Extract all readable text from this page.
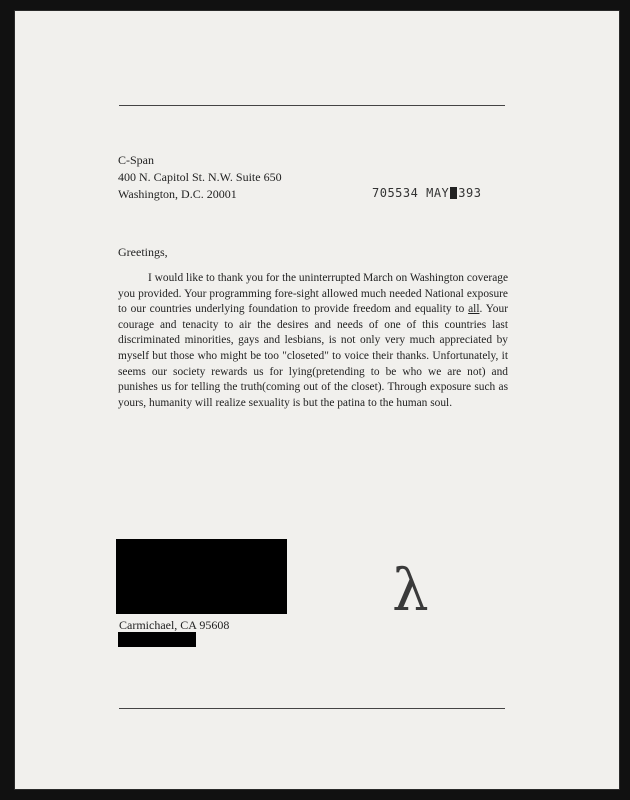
C-Span
400 N. Capitol St. N.W. Suite 650
Washington, D.C. 20001	705534 MAY 393
Greetings,
I would like to thank you for the uninterrupted March on Washington coverage you provided. Your programming fore-sight allowed much needed National exposure to our countries underlying foundation to provide freedom and equality to all. Your courage and tenacity to air the desires and needs of one of this countries last discriminated minorities, gays and lesbians, is not only very much appreciated by myself but those who might be too "closeted" to voice their thanks. Unfortunately, it seems our society rewards us for lying(pretending to be who we are not) and punishes us for telling the truth(coming out of the closet). Through exposure such as yours, humanity will realize sexuality is but the patina to the human soul.
Carmichael, CA 95608
λ
